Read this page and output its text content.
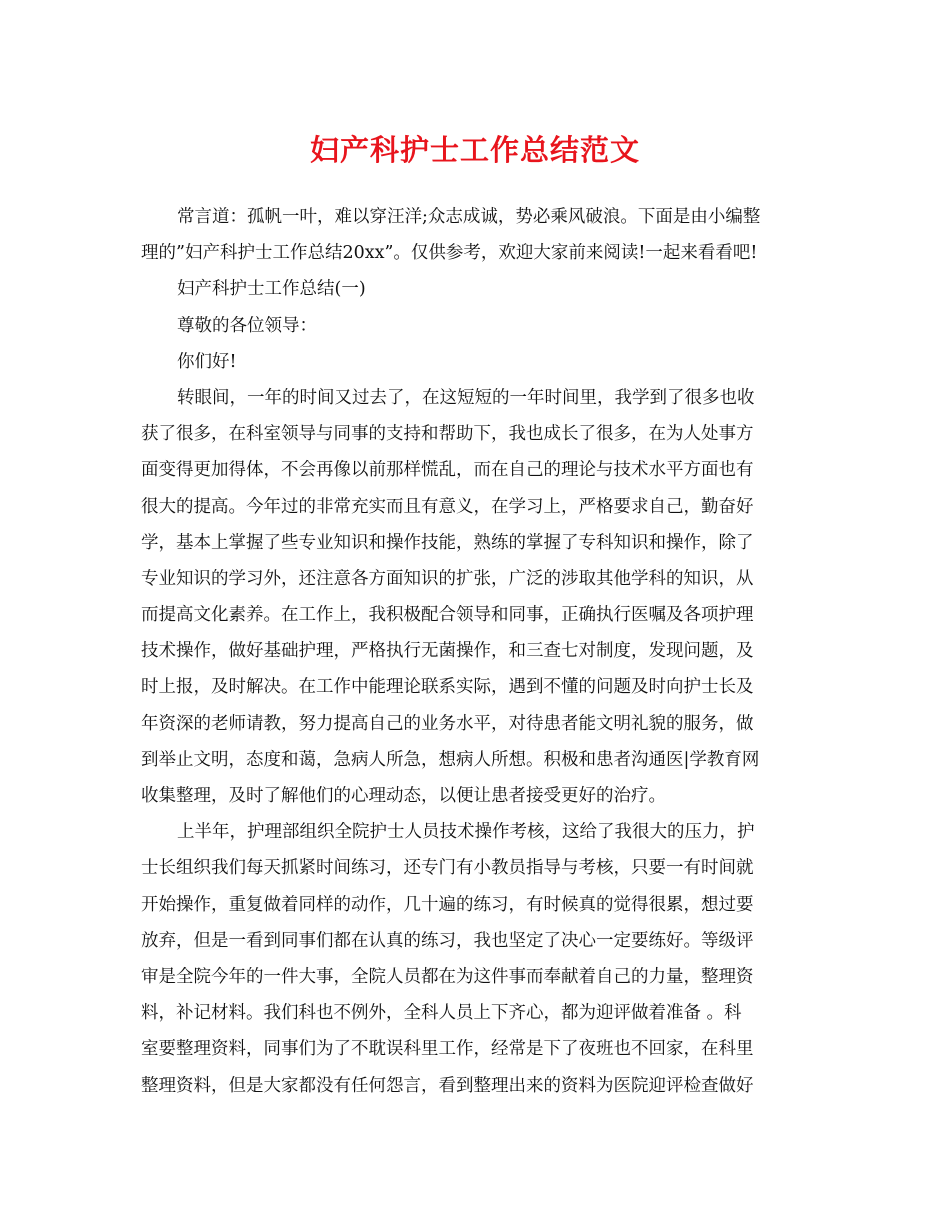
妇产科护士工作总结范文
常言道：孤帆一叶，难以穿汪洋;众志成诚，势必乘风破浪。下面是由小编整
理的”妇产科护士工作总结20xx”。仅供参考，欢迎大家前来阅读!一起来看看吧!
妇产科护士工作总结(一)
尊敬的各位领导：
你们好!
转眼间，一年的时间又过去了，在这短短的一年时间里，我学到了很多也收
获了很多，在科室领导与同事的支持和帮助下，我也成长了很多，在为人处事方
面变得更加得体，不会再像以前那样慌乱，而在自己的理论与技术水平方面也有
很大的提高。今年过的非常充实而且有意义，在学习上，严格要求自己，勤奋好
学，基本上掌握了些专业知识和操作技能，熟练的掌握了专科知识和操作，除了
专业知识的学习外，还注意各方面知识的扩张，广泛的涉取其他学科的知识，从
而提高文化素养。在工作上，我积极配合领导和同事，正确执行医嘱及各项护理
技术操作，做好基础护理，严格执行无菌操作，和三查七对制度，发现问题，及
时上报，及时解决。在工作中能理论联系实际，遇到不懂的问题及时向护士长及
年资深的老师请教，努力提高自己的业务水平，对待患者能文明礼貌的服务，做
到举止文明，态度和蔼，急病人所急，想病人所想。积极和患者沟通医|学教育网
收集整理，及时了解他们的心理动态，以便让患者接受更好的治疗。
上半年，护理部组织全院护士人员技术操作考核，这给了我很大的压力，护
士长组织我们每天抓紧时间练习，还专门有小教员指导与考核，只要一有时间就
开始操作，重复做着同样的动作，几十遍的练习，有时候真的觉得很累，想过要
放弃，但是一看到同事们都在认真的练习，我也坚定了决心一定要练好。等级评
审是全院今年的一件大事，全院人员都在为这件事而奉献着自己的力量，整理资
料，补记材料。我们科也不例外，全科人员上下齐心，都为迎评做着准备 。科
室要整理资料，同事们为了不耽误科里工作，经常是下了夜班也不回家，在科里
整理资料，但是大家都没有任何怨言，看到整理出来的资料为医院迎评检查做好
